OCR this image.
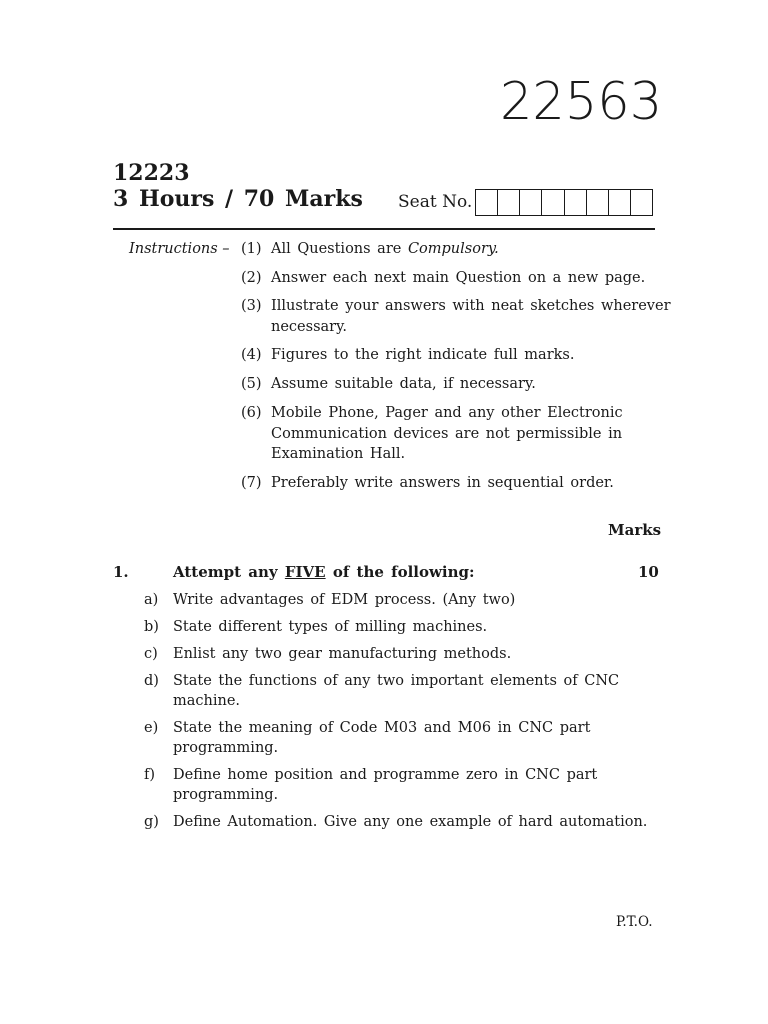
22563
12223
3 Hours / 70 Marks Seat No.
Instructions – (1) All Questions are Compulsory.
(2) Answer each next main Question on a new page.
(3) Illustrate your answers with neat sketches wherever
necessary.
(4) Figures to the right indicate full marks.
(5) Assume suitable data, if necessary.
(6) Mobile Phone, Pager and any other Electronic
Communication devices are not permissible in
Examination Hall.
(7) Preferably write answers in sequential order.
Marks
1.	Attempt any FIVE of the following:	10
a) Write advantages of EDM process. (Any two)
b) State different types of milling machines.
c) Enlist any two gear manufacturing methods.
d) State the functions of any two important elements of CNC
machine.
e) State the meaning of Code M03 and M06 in CNC part
programming.
f) Define home position and programme zero in CNC part
programming.
g) Define Automation. Give any one example of hard automation.
P.T.O.
